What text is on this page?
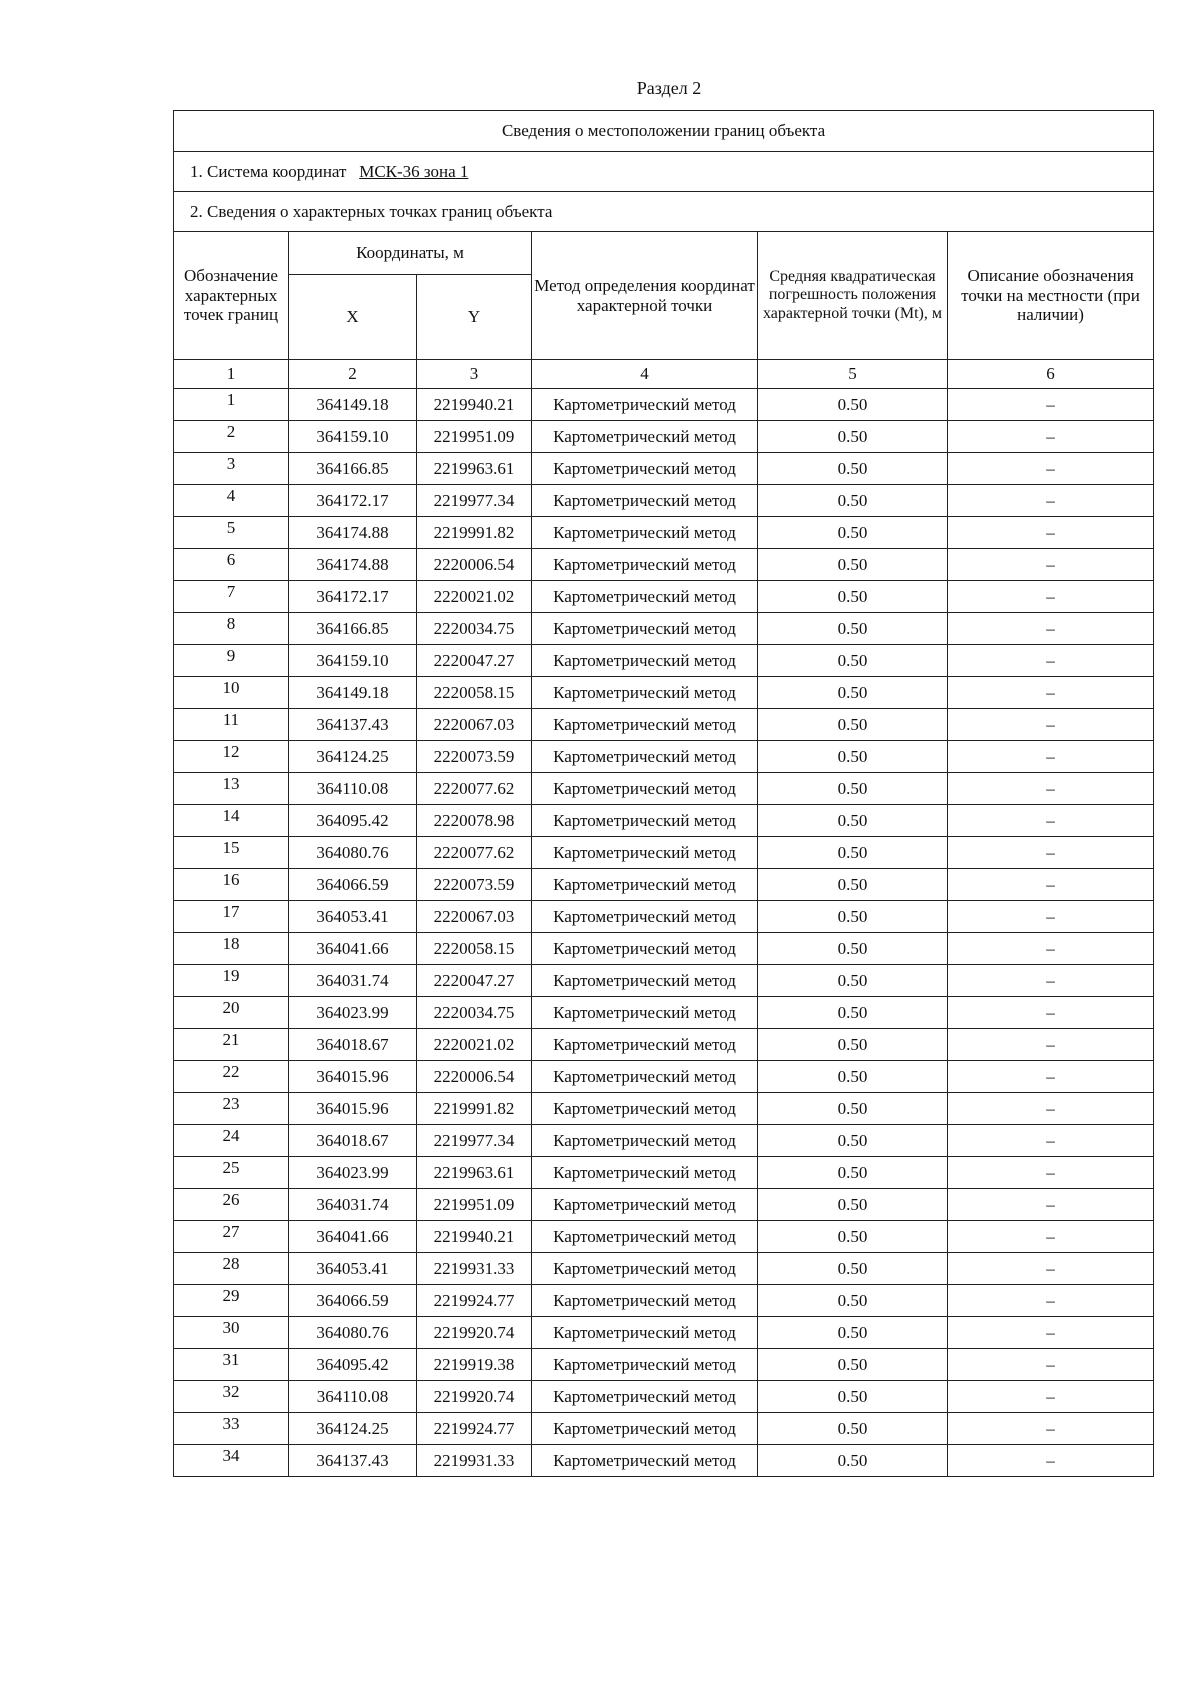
Раздел 2
Сведения о местоположении границ объекта					
1. Система координат МСК-36 зона 1					
2. Сведения о характерных точках границ объекта					
Обозначение характерных точек границ	Координаты, м		Метод определения координат характерной точки	Средняя квадратическая погрешность положения характерной точки (Mt), м	Описание обозначения точки на местности (при наличии)
	X	Y			
1	2	3	4	5	6
1	364149.18	2219940.21	Картометрический метод	0.50	–
2	364159.10	2219951.09	Картометрический метод	0.50	–
3	364166.85	2219963.61	Картометрический метод	0.50	–
4	364172.17	2219977.34	Картометрический метод	0.50	–
5	364174.88	2219991.82	Картометрический метод	0.50	–
6	364174.88	2220006.54	Картометрический метод	0.50	–
7	364172.17	2220021.02	Картометрический метод	0.50	–
8	364166.85	2220034.75	Картометрический метод	0.50	–
9	364159.10	2220047.27	Картометрический метод	0.50	–
10	364149.18	2220058.15	Картометрический метод	0.50	–
11	364137.43	2220067.03	Картометрический метод	0.50	–
12	364124.25	2220073.59	Картометрический метод	0.50	–
13	364110.08	2220077.62	Картометрический метод	0.50	–
14	364095.42	2220078.98	Картометрический метод	0.50	–
15	364080.76	2220077.62	Картометрический метод	0.50	–
16	364066.59	2220073.59	Картометрический метод	0.50	–
17	364053.41	2220067.03	Картометрический метод	0.50	–
18	364041.66	2220058.15	Картометрический метод	0.50	–
19	364031.74	2220047.27	Картометрический метод	0.50	–
20	364023.99	2220034.75	Картометрический метод	0.50	–
21	364018.67	2220021.02	Картометрический метод	0.50	–
22	364015.96	2220006.54	Картометрический метод	0.50	–
23	364015.96	2219991.82	Картометрический метод	0.50	–
24	364018.67	2219977.34	Картометрический метод	0.50	–
25	364023.99	2219963.61	Картометрический метод	0.50	–
26	364031.74	2219951.09	Картометрический метод	0.50	–
27	364041.66	2219940.21	Картометрический метод	0.50	–
28	364053.41	2219931.33	Картометрический метод	0.50	–
29	364066.59	2219924.77	Картометрический метод	0.50	–
30	364080.76	2219920.74	Картометрический метод	0.50	–
31	364095.42	2219919.38	Картометрический метод	0.50	–
32	364110.08	2219920.74	Картометрический метод	0.50	–
33	364124.25	2219924.77	Картометрический метод	0.50	–
34	364137.43	2219931.33	Картометрический метод	0.50	–
